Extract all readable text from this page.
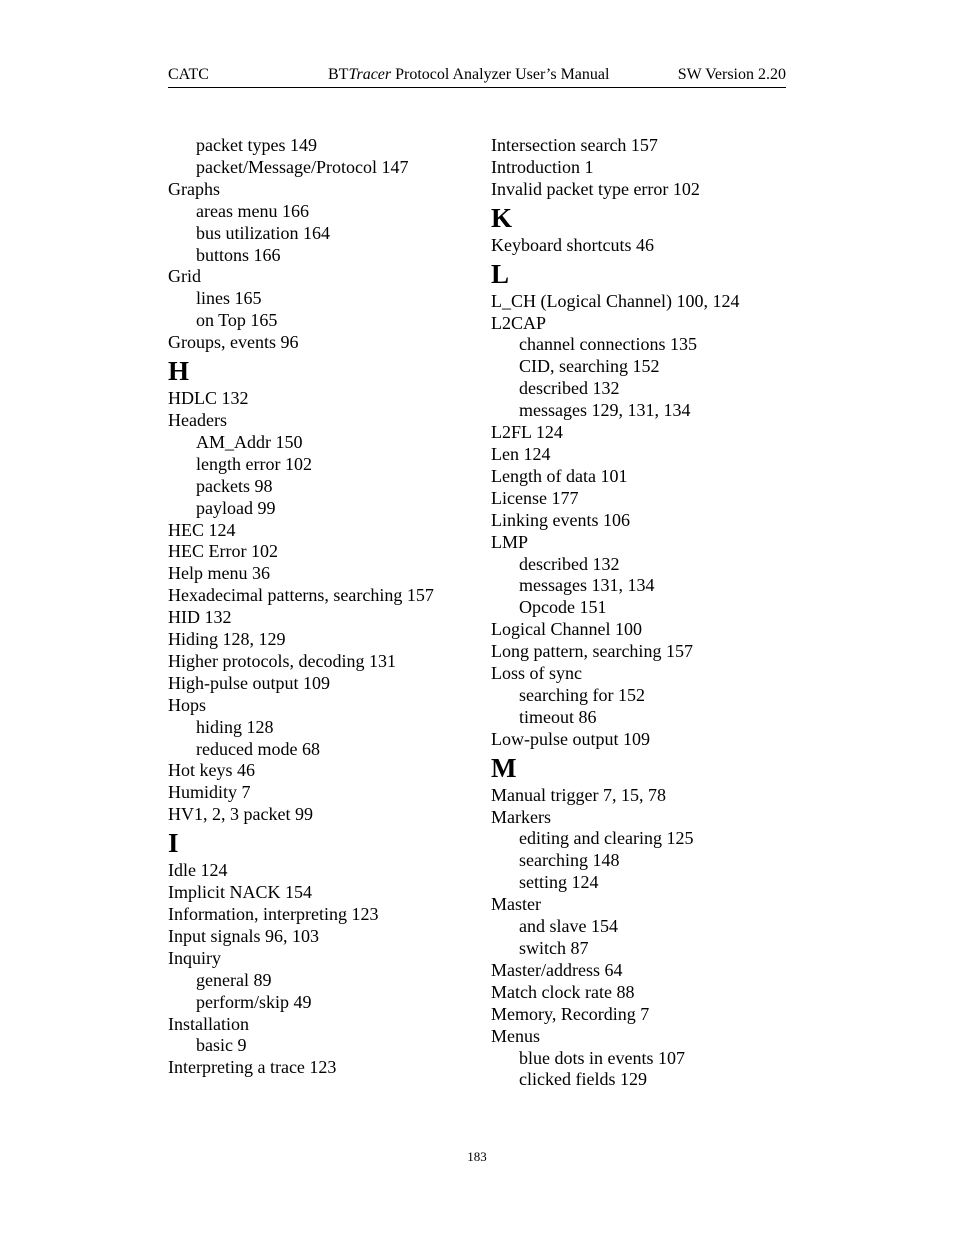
CATC	BTTracer Protocol Analyzer User’s Manual	SW Version 2.20
packet types 149
packet/Message/Protocol 147
Graphs
areas menu 166
bus utilization 164
buttons 166
Grid
lines 165
on Top 165
Groups, events 96
H
HDLC 132
Headers
AM_Addr 150
length error 102
packets 98
payload 99
HEC 124
HEC Error 102
Help menu 36
Hexadecimal patterns, searching 157
HID 132
Hiding 128, 129
Higher protocols, decoding 131
High-pulse output 109
Hops
hiding 128
reduced mode 68
Hot keys 46
Humidity 7
HV1, 2, 3 packet 99
I
Idle 124
Implicit NACK 154
Information, interpreting 123
Input signals 96, 103
Inquiry
general 89
perform/skip 49
Installation
basic 9
Interpreting a trace 123
Intersection search 157
Introduction 1
Invalid packet type error 102
K
Keyboard shortcuts 46
L
L_CH (Logical Channel) 100, 124
L2CAP
channel connections 135
CID, searching 152
described 132
messages 129, 131, 134
L2FL 124
Len 124
Length of data 101
License 177
Linking events 106
LMP
described 132
messages 131, 134
Opcode 151
Logical Channel 100
Long pattern, searching 157
Loss of sync
searching for 152
timeout 86
Low-pulse output 109
M
Manual trigger 7, 15, 78
Markers
editing and clearing 125
searching 148
setting 124
Master
and slave 154
switch 87
Master/address 64
Match clock rate 88
Memory, Recording 7
Menus
blue dots in events 107
clicked fields 129
183
